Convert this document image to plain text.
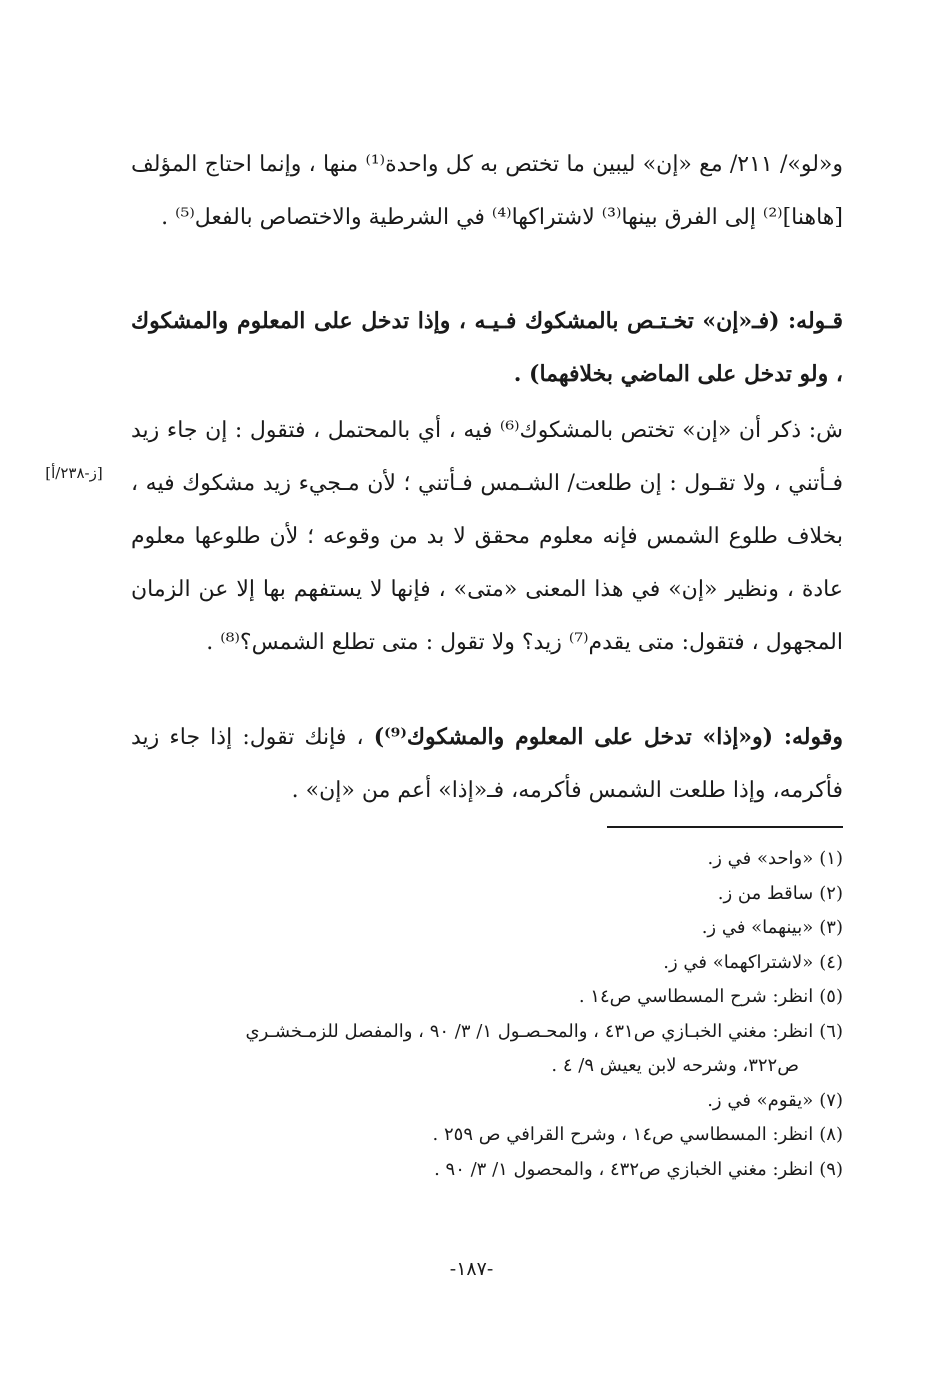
و«لو»/ ٢١١/ مع «إن» ليبين ما تختص به كل واحدة⁽¹⁾ منها ، وإنما احتاج المؤلف [هاهنا]⁽²⁾ إلى الفرق بينها⁽³⁾ لاشتراكها⁽⁴⁾ في الشرطية والاختصاص بالفعل⁽⁵⁾ .

قـوله: (فـ«إن» تخـتـص بالمشكوك فـيـه ، وإذا تدخل على المعلوم والمشكوك ، ولو تدخل على الماضي بخلافهما) .

ش: ذكر أن «إن» تختص بالمشكوك⁽⁶⁾ فيه ، أي بالمحتمل ، فتقول : إن جاء زيد فـأتني ، ولا تقـول : إن طلعت/ الشـمس فـأتني ؛ لأن مـجيء زيد مشكوك فيه ، بخلاف طلوع الشمس فإنه معلوم محقق لا بد من وقوعه ؛ لأن طلوعها معلوم عادة ، ونظير «إن» في هذا المعنى «متى» ، فإنها لا يستفهم بها إلا عن الزمان المجهول ، فتقول: متى يقدم⁽⁷⁾ زيد؟ ولا تقول : متى تطلع الشمس؟⁽⁸⁾ .

[ز-٢٣٨/أ]

وقوله: (و«إذا» تدخل على المعلوم والمشكوك⁽⁹⁾) ، فإنك تقول: إذا جاء زيد فأكرمه، وإذا طلعت الشمس فأكرمه، فـ«إذا» أعم من «إن» .

(١)«واحد» في ز.
(٢)ساقط من ز.
(٣)«بينهما» في ز.
(٤)«لاشتراكهما» في ز.
(٥)انظر: شرح المسطاسي ص١٤ .
(٦)انظر: مغني الخبـازي ص٤٣١ ، والمحـصـول ١/ ٣/ ٩٠ ، والمفصل للزمـخشـري
ص٣٢٢، وشرحه لابن يعيش ٩/ ٤ .
(٧)«يقوم» في ز.
(٨)انظر: المسطاسي ص١٤ ، وشرح القرافي ص ٢٥٩ .
(٩)انظر: مغني الخبازي ص٤٣٢ ، والمحصول ١/ ٣/ ٩٠ .
-١٨٧-
